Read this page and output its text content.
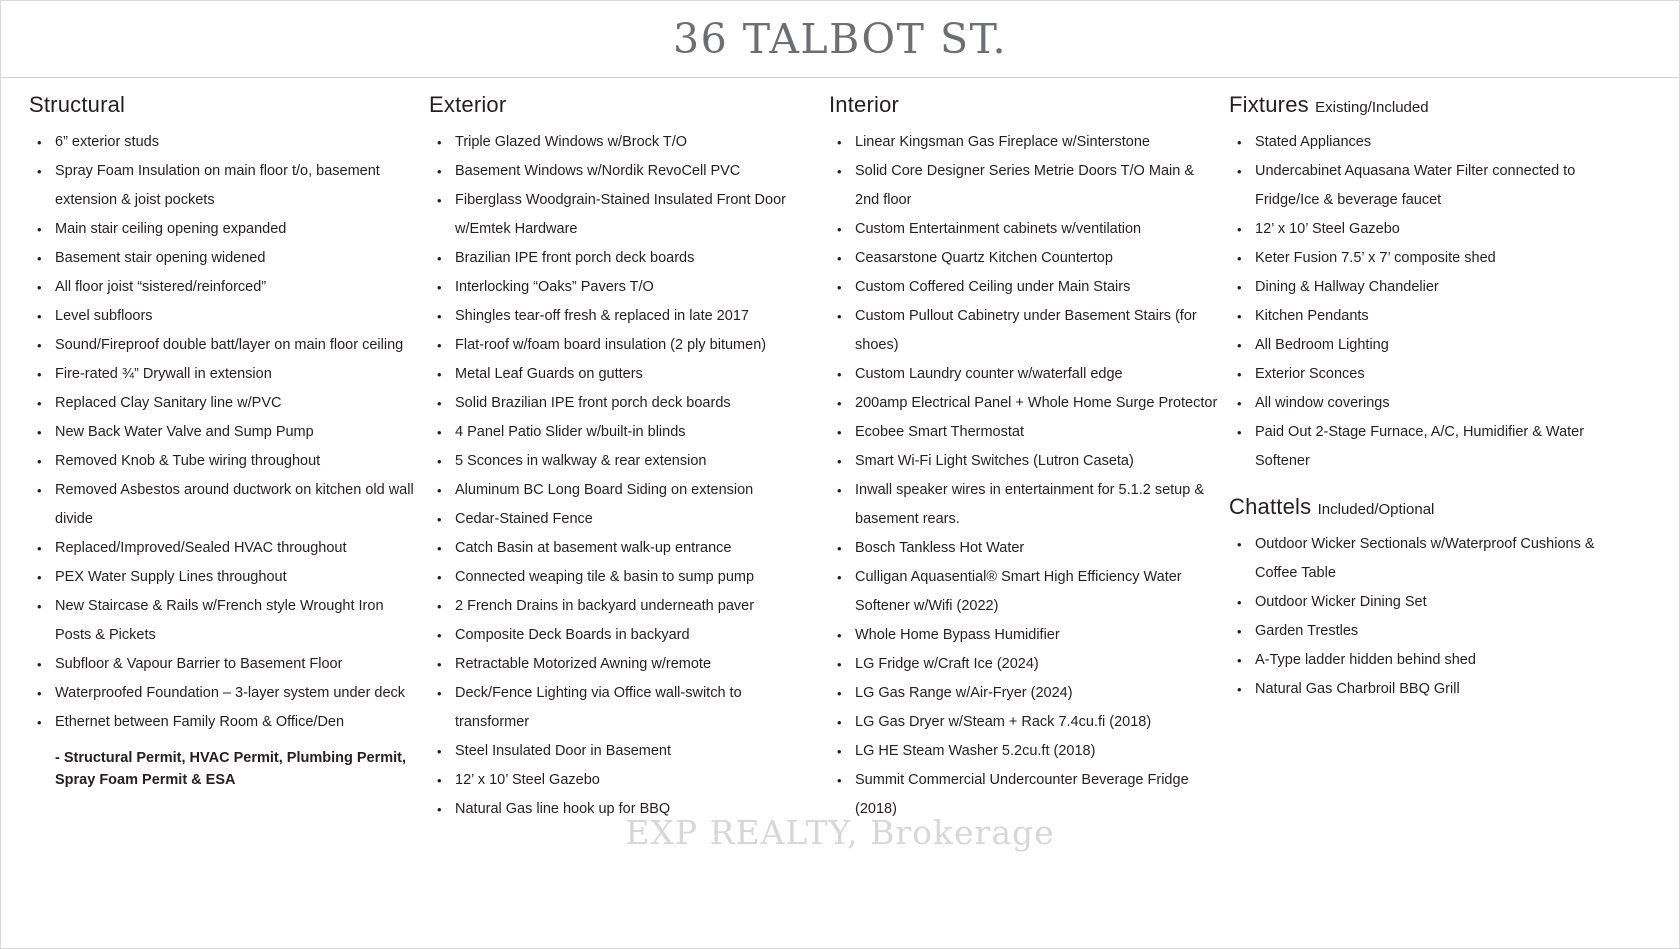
36 TALBOT ST.
Structural
• 6” exterior studs
• Spray Foam Insulation on main floor t/o, basement extension & joist pockets
• Main stair ceiling opening expanded
• Basement stair opening widened
• All floor joist “sistered/reinforced”
• Level subfloors
• Sound/Fireproof double batt/layer on main floor ceiling
• Fire-rated ¾” Drywall in extension
• Replaced Clay Sanitary line w/PVC
• New Back Water Valve and Sump Pump
• Removed Knob & Tube wiring throughout
• Removed Asbestos around ductwork on kitchen old wall divide
• Replaced/Improved/Sealed HVAC throughout
• PEX Water Supply Lines throughout
• New Staircase & Rails w/French style Wrought Iron Posts & Pickets
• Subfloor & Vapour Barrier to Basement Floor
• Waterproofed Foundation – 3-layer system under deck
• Ethernet between Family Room & Office/Den
- Structural Permit, HVAC Permit, Plumbing Permit, Spray Foam Permit & ESA
Exterior
• Triple Glazed Windows w/Brock T/O
• Basement Windows w/Nordik RevoCell PVC
• Fiberglass Woodgrain-Stained Insulated Front Door w/Emtek Hardware
• Brazilian IPE front porch deck boards
• Interlocking “Oaks” Pavers T/O
• Shingles tear-off fresh & replaced in late 2017
• Flat-roof w/foam board insulation (2 ply bitumen)
• Metal Leaf Guards on gutters
• Solid Brazilian IPE front porch deck boards
• 4 Panel Patio Slider w/built-in blinds
• 5 Sconces in walkway & rear extension
• Aluminum BC Long Board Siding on extension
• Cedar-Stained Fence
• Catch Basin at basement walk-up entrance
• Connected weaping tile & basin to sump pump
• 2 French Drains in backyard underneath paver
• Composite Deck Boards in backyard
• Retractable Motorized Awning w/remote
• Deck/Fence Lighting via Office wall-switch to transformer
• Steel Insulated Door in Basement
• 12’ x 10’ Steel Gazebo
• Natural Gas line hook up for BBQ
Interior
• Linear Kingsman Gas Fireplace w/Sinterstone
• Solid Core Designer Series Metrie Doors T/O Main & 2nd floor
• Custom Entertainment cabinets w/ventilation
• Ceasarstone Quartz Kitchen Countertop
• Custom Coffered Ceiling under Main Stairs
• Custom Pullout Cabinetry under Basement Stairs (for shoes)
• Custom Laundry counter w/waterfall edge
• 200amp Electrical Panel + Whole Home Surge Protector
• Ecobee Smart Thermostat
• Smart Wi-Fi Light Switches (Lutron Caseta)
• Inwall speaker wires in entertainment for 5.1.2 setup & basement rears.
• Bosch Tankless Hot Water
• Culligan Aquasential® Smart High Efficiency Water Softener w/Wifi (2022)
• Whole Home Bypass Humidifier
• LG Fridge w/Craft Ice (2024)
• LG Gas Range w/Air-Fryer (2024)
• LG Gas Dryer w/Steam + Rack 7.4cu.fi (2018)
• LG HE Steam Washer 5.2cu.ft (2018)
• Summit Commercial Undercounter Beverage Fridge (2018)
Fixtures Existing/Included
• Stated Appliances
• Undercabinet Aquasana Water Filter connected to Fridge/Ice & beverage faucet
• 12’ x 10’ Steel Gazebo
• Keter Fusion 7.5’ x 7’ composite shed
• Dining & Hallway Chandelier
• Kitchen Pendants
• All Bedroom Lighting
• Exterior Sconces
• All window coverings
• Paid Out 2-Stage Furnace, A/C, Humidifier & Water Softener
Chattels Included/Optional
• Outdoor Wicker Sectionals w/Waterproof Cushions & Coffee Table
• Outdoor Wicker Dining Set
• Garden Trestles
• A-Type ladder hidden behind shed
• Natural Gas Charbroil BBQ Grill
EXP REALTY, Brokerage
